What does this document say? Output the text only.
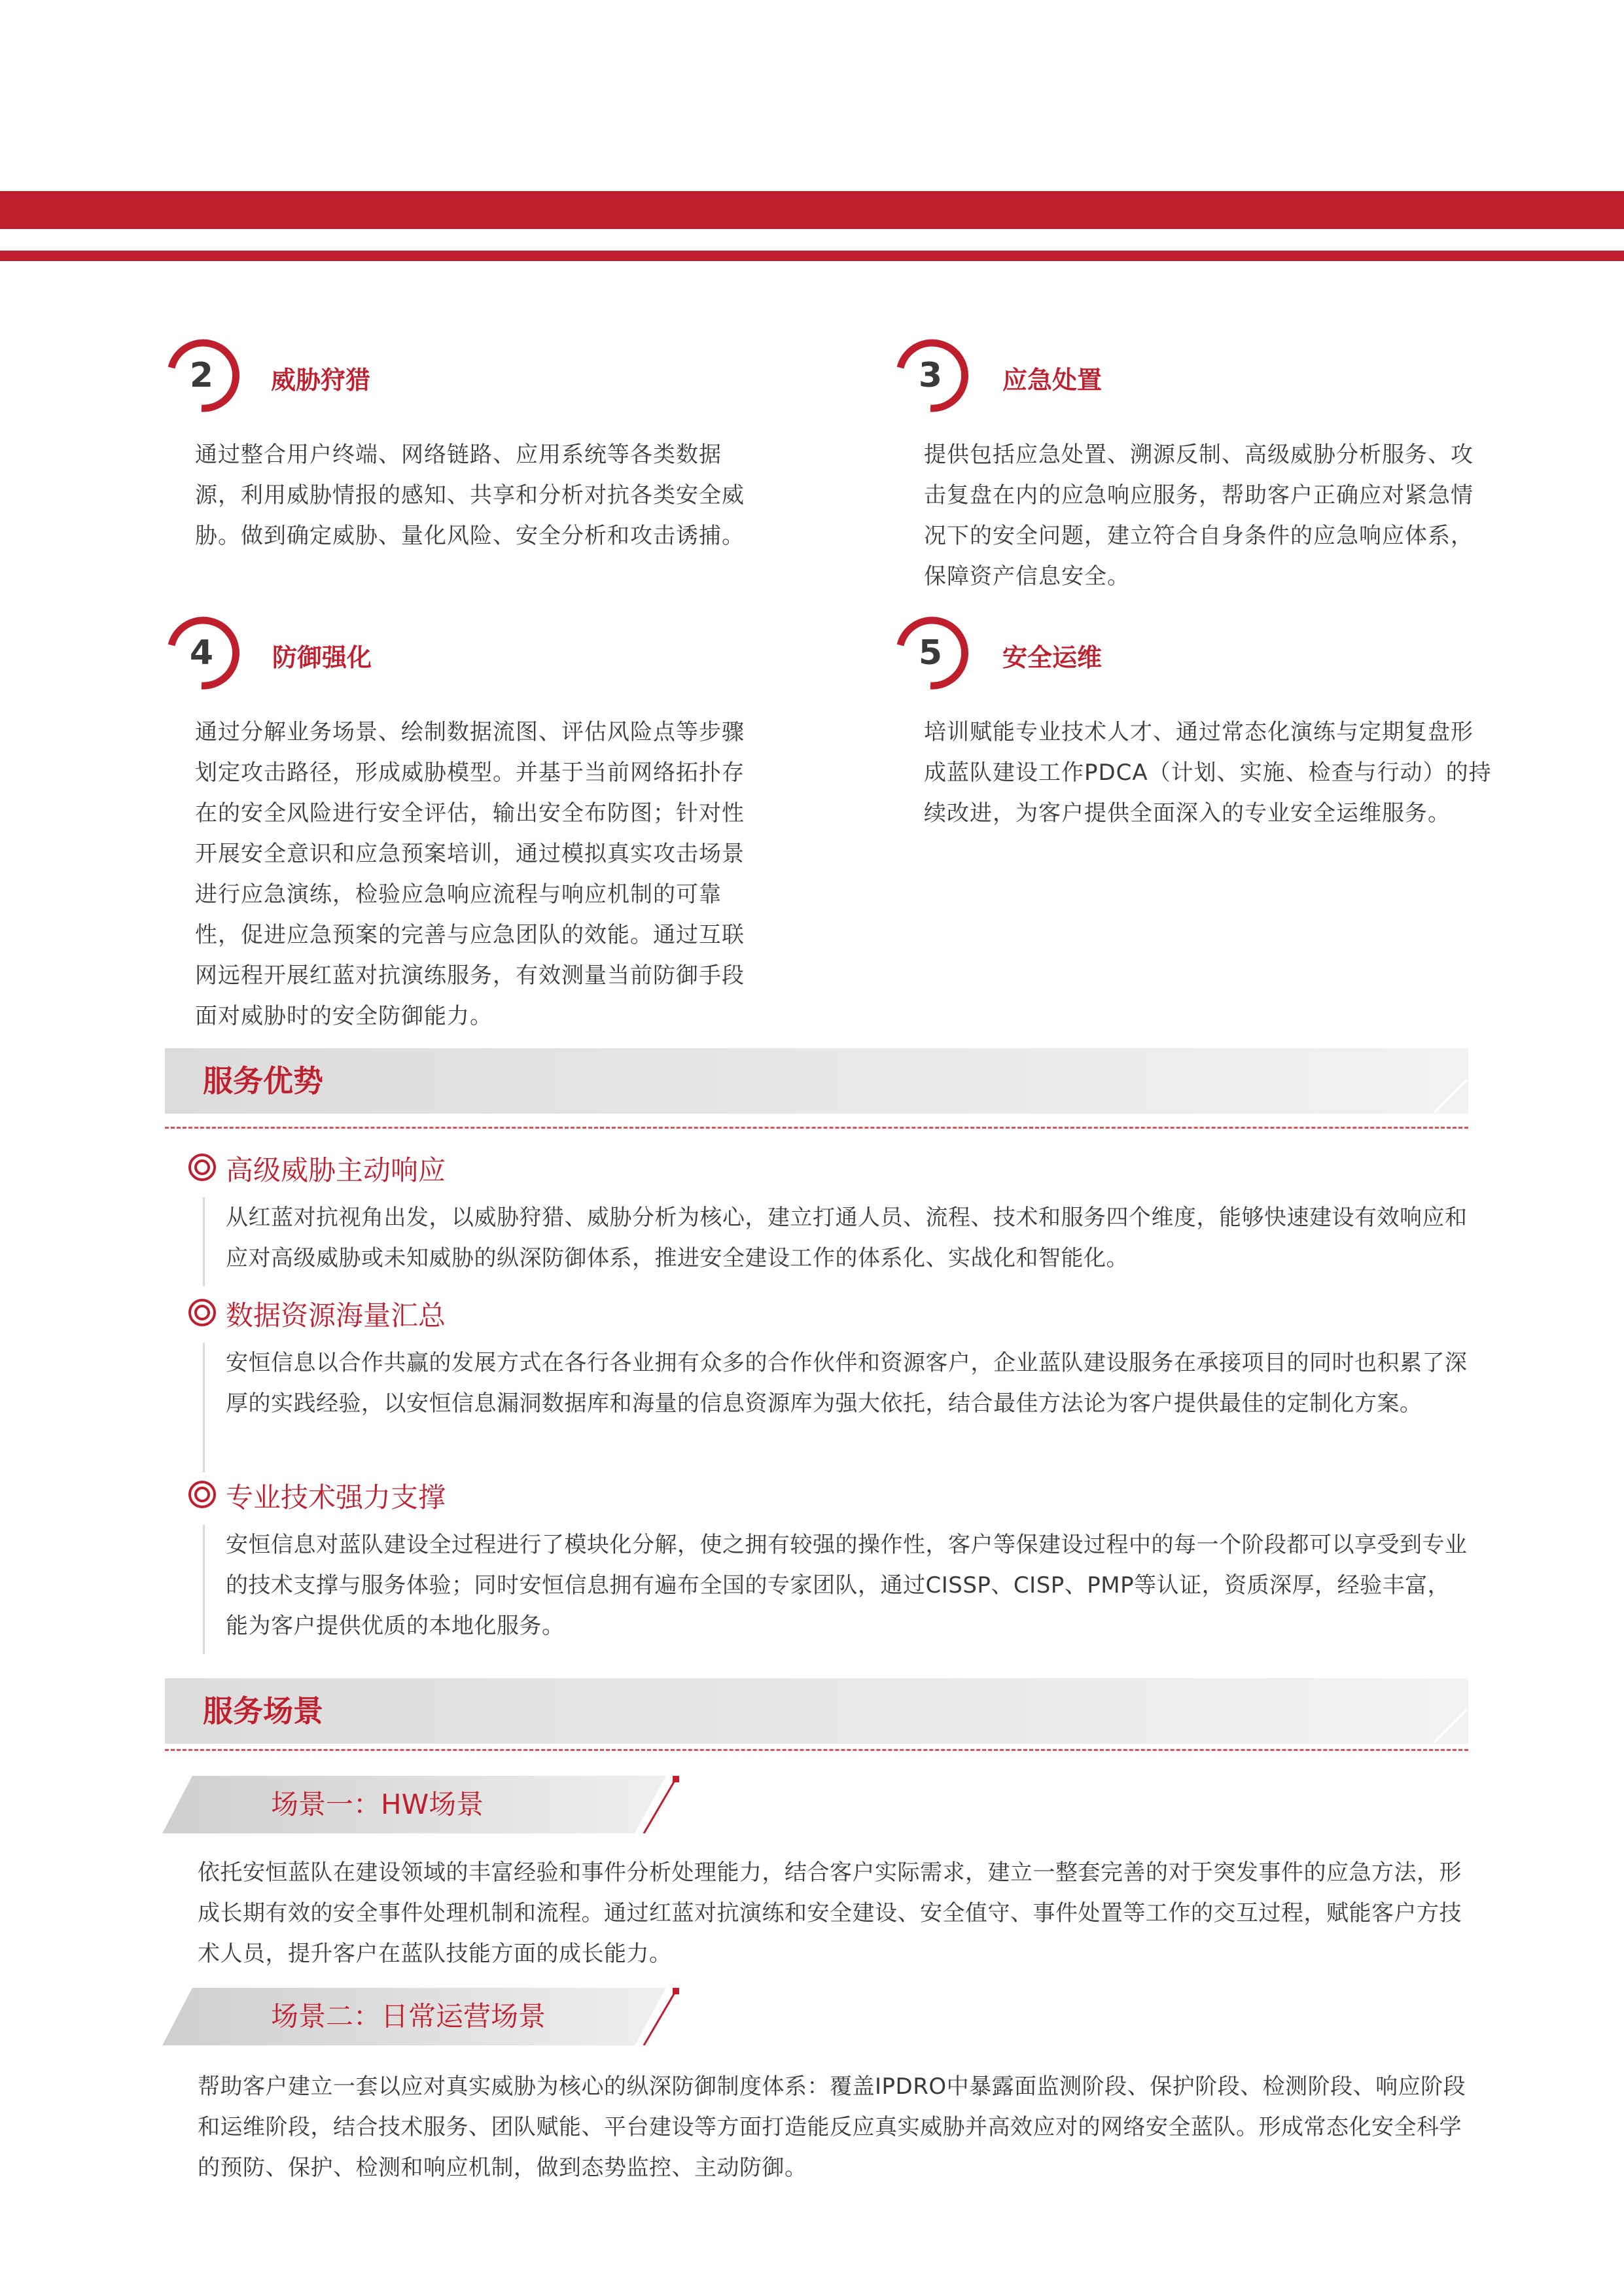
2	威胁狩猎
通过整合用户终端、网络链路、应用系统等各类数据源，利用威胁情报的感知、共享和分析对抗各类安全威胁。做到确定威胁、量化风险、安全分析和攻击诱捕。
3	应急处置
提供包括应急处置、溯源反制、高级威胁分析服务、攻击复盘在内的应急响应服务，帮助客户正确应对紧急情况下的安全问题，建立符合自身条件的应急响应体系，保障资产信息安全。
4	防御强化
通过分解业务场景、绘制数据流图、评估风险点等步骤划定攻击路径，形成威胁模型。并基于当前网络拓扑存在的安全风险进行安全评估，输出安全布防图；针对性开展安全意识和应急预案培训，通过模拟真实攻击场景进行应急演练，检验应急响应流程与响应机制的可靠性，促进应急预案的完善与应急团队的效能。通过互联网远程开展红蓝对抗演练服务，有效测量当前防御手段面对威胁时的安全防御能力。
5	安全运维
培训赋能专业技术人才、通过常态化演练与定期复盘形成蓝队建设工作PDCA（计划、实施、检查与行动）的持续改进，为客户提供全面深入的专业安全运维服务。
服务优势
高级威胁主动响应
从红蓝对抗视角出发，以威胁狩猎、威胁分析为核心，建立打通人员、流程、技术和服务四个维度，能够快速建设有效响应和应对高级威胁或未知威胁的纵深防御体系，推进安全建设工作的体系化、实战化和智能化。
数据资源海量汇总
安恒信息以合作共赢的发展方式在各行各业拥有众多的合作伙伴和资源客户，企业蓝队建设服务在承接项目的同时也积累了深厚的实践经验，以安恒信息漏洞数据库和海量的信息资源库为强大依托，结合最佳方法论为客户提供最佳的定制化方案。
专业技术强力支撑
安恒信息对蓝队建设全过程进行了模块化分解，使之拥有较强的操作性，客户等保建设过程中的每一个阶段都可以享受到专业的技术支撑与服务体验；同时安恒信息拥有遍布全国的专家团队，通过CISSP、CISP、PMP等认证，资质深厚，经验丰富，能为客户提供优质的本地化服务。
服务场景
场景一：HW场景
依托安恒蓝队在建设领域的丰富经验和事件分析处理能力，结合客户实际需求，建立一整套完善的对于突发事件的应急方法，形成长期有效的安全事件处理机制和流程。通过红蓝对抗演练和安全建设、安全值守、事件处置等工作的交互过程，赋能客户方技术人员，提升客户在蓝队技能方面的成长能力。
场景二：日常运营场景
帮助客户建立一套以应对真实威胁为核心的纵深防御制度体系：覆盖IPDRO中暴露面监测阶段、保护阶段、检测阶段、响应阶段和运维阶段，结合技术服务、团队赋能、平台建设等方面打造能反应真实威胁并高效应对的网络安全蓝队。形成常态化安全科学的预防、保护、检测和响应机制，做到态势监控、主动防御。
